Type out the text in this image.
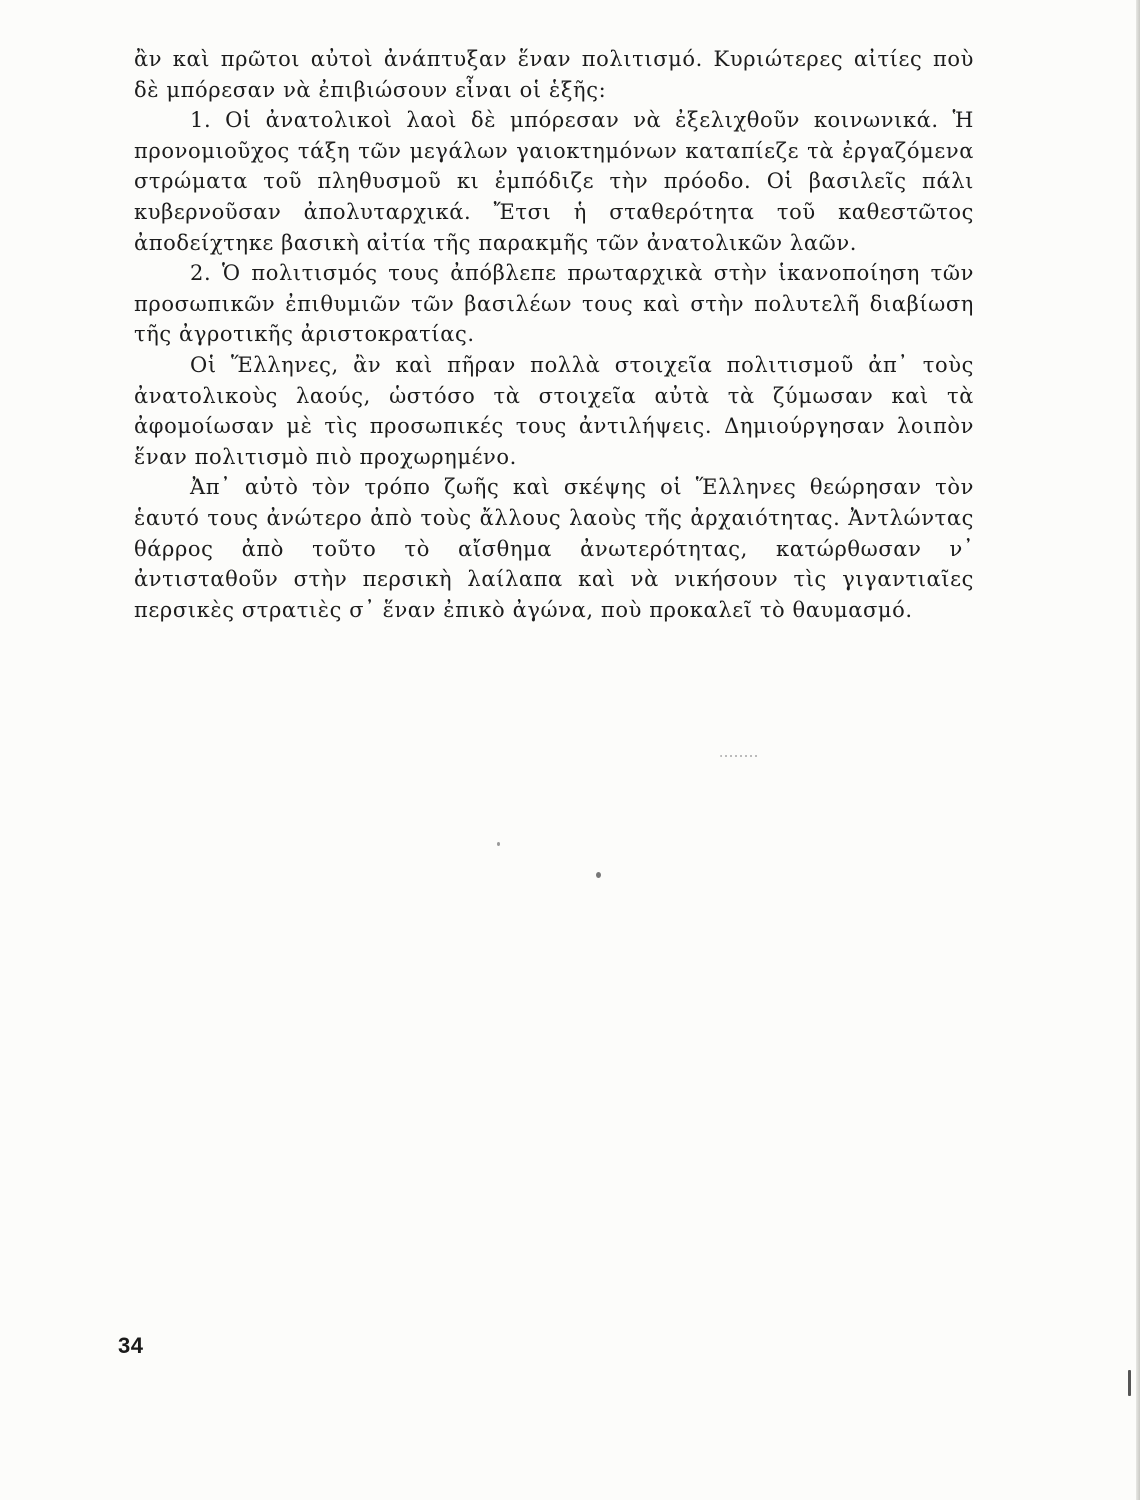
ἂν καὶ πρῶτοι αὐτοὶ ἀνάπτυξαν ἕναν πολιτισμό. Κυριώτερες αἰτίες ποὺ δὲ μπόρεσαν νὰ ἐπιβιώσουν εἶναι οἱ ἑξῆς:

1. Οἱ ἀνατολικοὶ λαοὶ δὲ μπόρεσαν νὰ ἐξελιχθοῦν κοινωνικά. Ἡ προνομιοῦχος τάξη τῶν μεγάλων γαιοκτημόνων καταπίεζε τὰ ἐργαζόμενα στρώματα τοῦ πληθυσμοῦ κι ἐμπόδιζε τὴν πρόοδο. Οἱ βασιλεῖς πάλι κυβερνοῦσαν ἀπολυταρχικά. Ἔτσι ἡ σταθερότητα τοῦ καθεστῶτος ἀποδείχτηκε βασικὴ αἰτία τῆς παρακμῆς τῶν ἀνατολικῶν λαῶν.

2. Ὁ πολιτισμός τους ἀπόβλεπε πρωταρχικὰ στὴν ἱκανοποίηση τῶν προσωπικῶν ἐπιθυμιῶν τῶν βασιλέων τους καὶ στὴν πολυτελῆ διαβίωση τῆς ἀγροτικῆς ἀριστοκρατίας.

Οἱ Ἕλληνες, ἂν καὶ πῆραν πολλὰ στοιχεῖα πολιτισμοῦ ἀπ᾿ τοὺς ἀνατολικοὺς λαούς, ὡστόσο τὰ στοιχεῖα αὐτὰ τὰ ζύμωσαν καὶ τὰ ἀφομοίωσαν μὲ τὶς προσωπικές τους ἀντιλήψεις. Δημιούργησαν λοιπὸν ἕναν πολιτισμὸ πιὸ προχωρημένο.

Ἀπ᾿ αὐτὸ τὸν τρόπο ζωῆς καὶ σκέψης οἱ Ἕλληνες θεώρησαν τὸν ἑαυτό τους ἀνώτερο ἀπὸ τοὺς ἄλλους λαοὺς τῆς ἀρχαιότητας. Ἀντλώντας θάρρος ἀπὸ τοῦτο τὸ αἴσθημα ἀνωτερότητας, κατώρθωσαν ν᾿ ἀντισταθοῦν στὴν περσικὴ λαίλαπα καὶ νὰ νικήσουν τὶς γιγαντιαῖες περσικὲς στρατιὲς σ᾿ ἕναν ἐπικὸ ἀγώνα, ποὺ προκαλεῖ τὸ θαυμασμό.

34
